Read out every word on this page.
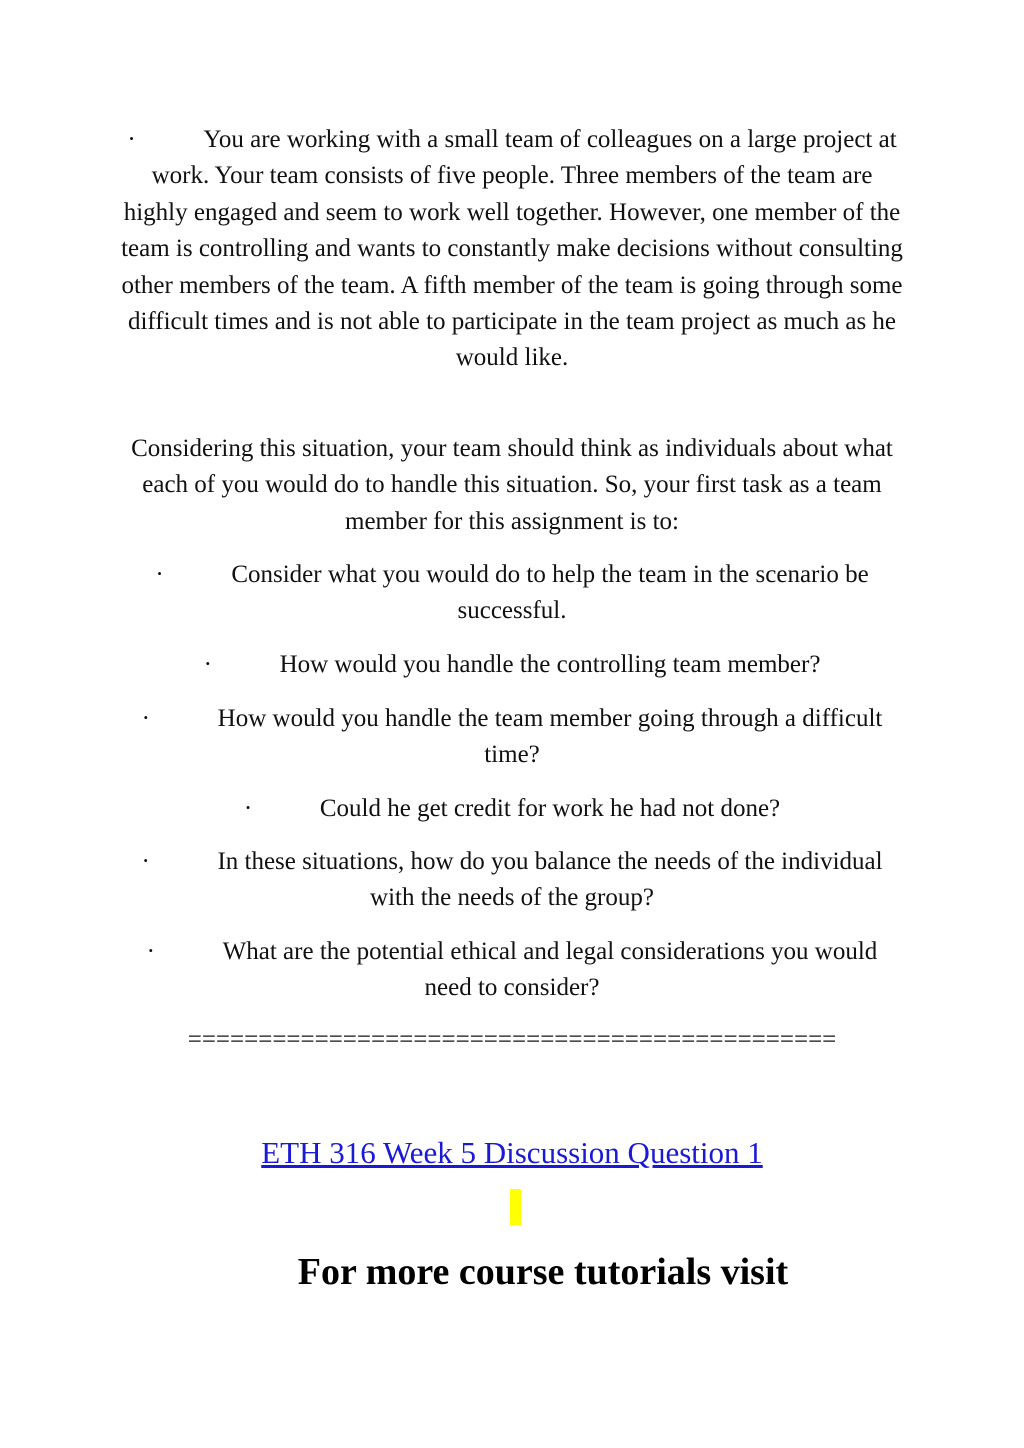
·	You are working with a small team of colleagues on a large project at work. Your team consists of five people. Three members of the team are highly engaged and seem to work well together. However, one member of the team is controlling and wants to constantly make decisions without consulting other members of the team. A fifth member of the team is going through some difficult times and is not able to participate in the team project as much as he would like.

Considering this situation, your team should think as individuals about what each of you would do to handle this situation. So, your first task as a team member for this assignment is to:

·	Consider what you would do to help the team in the scenario be successful.

·	How would you handle the controlling team member?

·	How would you handle the team member going through a difficult time?

·	Could he get credit for work he had not done?

·	In these situations, how do you balance the needs of the individual with the needs of the group?

·	What are the potential ethical and legal considerations you would need to consider?

==============================================
ETH 316 Week 5 Discussion Question 1
For more course tutorials visit
